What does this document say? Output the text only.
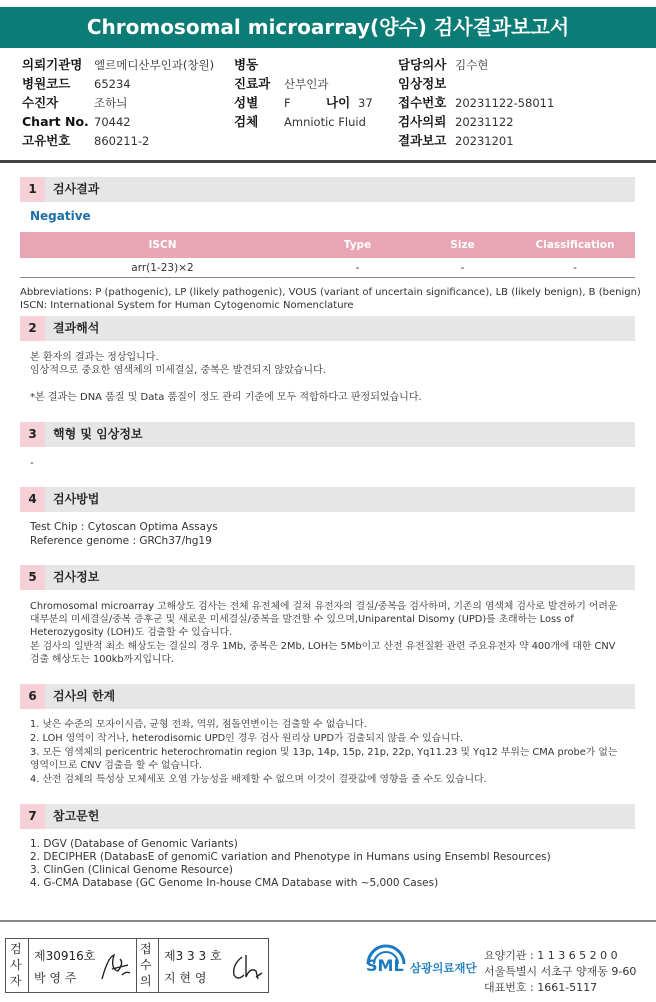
Chromosomal microarray(양수) 검사결과보고서
의뢰기관명 엘르메디산부인과(창원)
병원코드 65234
수진자	조하늬
Chart No. 70442
고유번호 860211-2
병동
진료과 산부인과
성별 F	나이 37
검체 Amniotic Fluid
담당의사 김수현
임상정보
접수번호 20231122-58011
검사의뢰 20231122
결과보고 20231201
1	검사결과
Negative
ISCN	Type	Size	Classification
arr(1-23)×2	-	-	-
Abbreviations: P (pathogenic), LP (likely pathogenic), VOUS (variant of uncertain significance), LB (likely benign), B (benign)
ISCN: International System for Human Cytogenomic Nomenclature
2	결과해석
본 환자의 결과는 정상입니다.
임상적으로 중요한 염색체의 미세결실, 중복은 발견되지 않았습니다.
*본 결과는 DNA 품질 및 Data 품질이 정도 관리 기준에 모두 적합하다고 판정되었습니다.
3	핵형 및 임상정보
-
4	검사방법
Test Chip : Cytoscan Optima Assays
Reference genome : GRCh37/hg19
5	검사정보
Chromosomal microarray 고해상도 검사는 전체 유전체에 걸쳐 유전자의 결실/중복을 검사하며, 기존의 염색체 검사로 발견하기 어려운
대부분의 미세결실/중복 증후군 및 새로운 미세결실/중복을 발견할 수 있으며,Uniparental Disomy (UPD)를 초래하는 Loss of
Heterozygosity (LOH)도 검출할 수 있습니다.
본 검사의 일반적 최소 해상도는 결실의 경우 1Mb, 중복은 2Mb, LOH는 5Mb이고 산전 유전질환 관련 주요유전자 약 400개에 대한 CNV
검출 해상도는 100kb까지입니다.
6	검사의 한계
1. 낮은 수준의 모자이시즘, 균형 전좌, 역위, 점돌연변이는 검출할 수 없습니다.
2. LOH 영역이 작거나, heterodisomic UPD인 경우 검사 원리상 UPD가 검출되지 않을 수 있습니다.
3. 모든 염색체의 pericentric heterochromatin region 및 13p, 14p, 15p, 21p, 22p, Yq11.23 및 Yq12 부위는 CMA probe가 없는
영역이므로 CNV 검출을 할 수 없습니다.
4. 산전 검체의 특성상 모체세포 오염 가능성을 배제할 수 없으며 이것이 결괏값에 영향을 줄 수도 있습니다.
7	참고문헌
1. DGV (Database of Genomic Variants)
2. DECIPHER (DatabasE of genomiC variation and Phenotype in Humans using Ensembl Resources)
3. ClinGen (Clinical Genome Resource)
4. G-CMA Database (GC Genome In-house CMA Database with ~5,000 Cases)
검사자
제30916호
박 영 주
접수의
제3 3 3 호
지 현 영
SML 삼광의료재단
요양기관 : 1 1 3 6 5 2 0 0
서울특별시 서초구 양재동 9-60
대표번호 : 1661-5117
